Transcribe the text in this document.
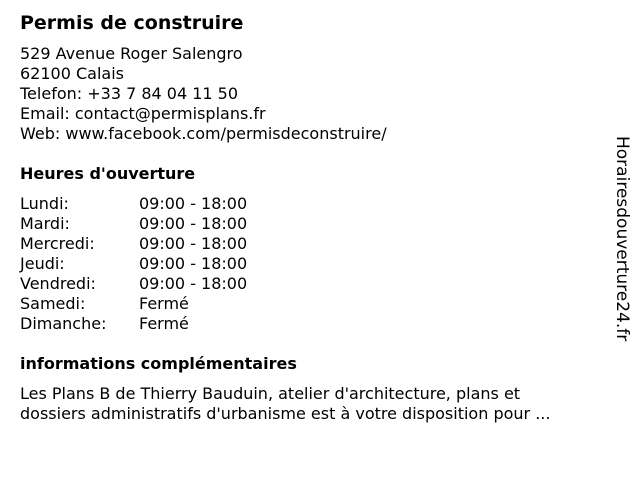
Permis de construire
529 Avenue Roger Salengro
62100 Calais
Telefon: +33 7 84 04 11 50
Email: contact@permisplans.fr
Web: www.facebook.com/permisdeconstruire/
Heures d'ouverture
Lundi:	09:00 - 18:00
Mardi:	09:00 - 18:00
Mercredi:	09:00 - 18:00
Jeudi:	09:00 - 18:00
Vendredi:	09:00 - 18:00
Samedi:	Fermé
Dimanche:	Fermé
informations complémentaires
Les Plans B de Thierry Bauduin, atelier d'architecture, plans et
dossiers administratifs d'urbanisme est à votre disposition pour ...
Horairesdouverture24.fr
